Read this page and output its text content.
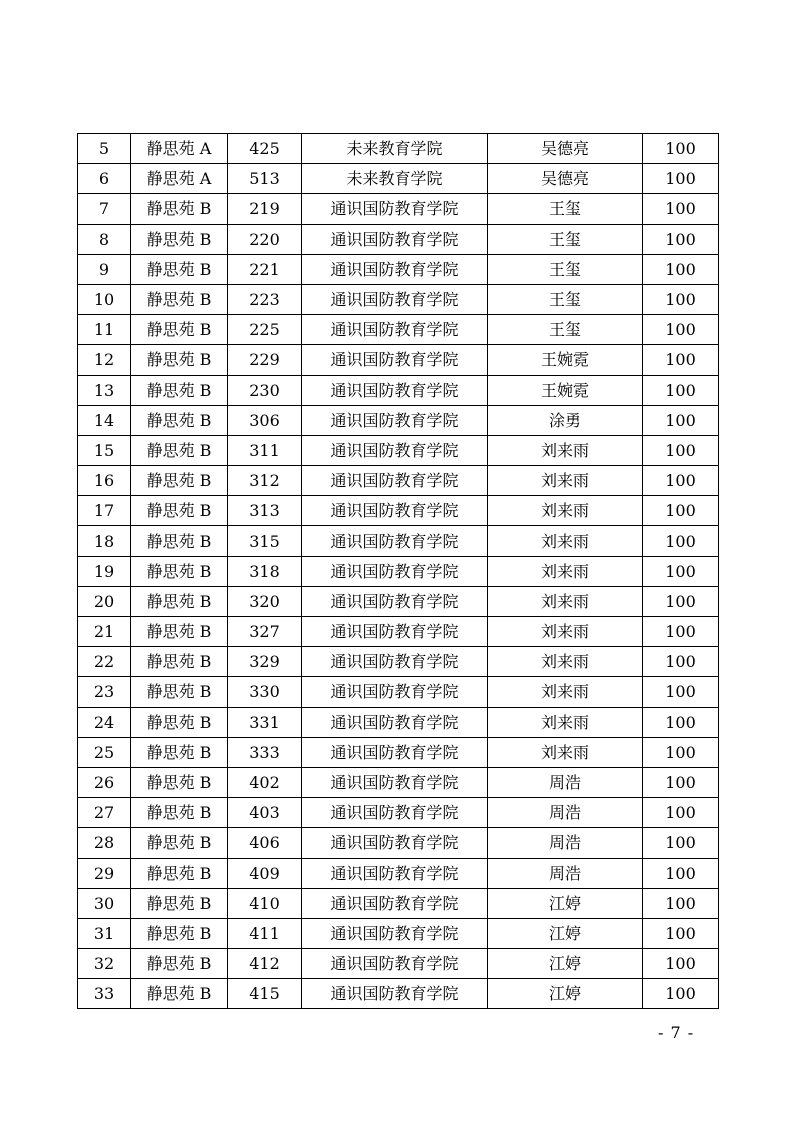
5	静思苑 A	425	未来教育学院	吴德亮	100
6	静思苑 A	513	未来教育学院	吴德亮	100
7	静思苑 B	219	通识国防教育学院	王玺	100
8	静思苑 B	220	通识国防教育学院	王玺	100
9	静思苑 B	221	通识国防教育学院	王玺	100
10	静思苑 B	223	通识国防教育学院	王玺	100
11	静思苑 B	225	通识国防教育学院	王玺	100
12	静思苑 B	229	通识国防教育学院	王婉霓	100
13	静思苑 B	230	通识国防教育学院	王婉霓	100
14	静思苑 B	306	通识国防教育学院	涂勇	100
15	静思苑 B	311	通识国防教育学院	刘来雨	100
16	静思苑 B	312	通识国防教育学院	刘来雨	100
17	静思苑 B	313	通识国防教育学院	刘来雨	100
18	静思苑 B	315	通识国防教育学院	刘来雨	100
19	静思苑 B	318	通识国防教育学院	刘来雨	100
20	静思苑 B	320	通识国防教育学院	刘来雨	100
21	静思苑 B	327	通识国防教育学院	刘来雨	100
22	静思苑 B	329	通识国防教育学院	刘来雨	100
23	静思苑 B	330	通识国防教育学院	刘来雨	100
24	静思苑 B	331	通识国防教育学院	刘来雨	100
25	静思苑 B	333	通识国防教育学院	刘来雨	100
26	静思苑 B	402	通识国防教育学院	周浩	100
27	静思苑 B	403	通识国防教育学院	周浩	100
28	静思苑 B	406	通识国防教育学院	周浩	100
29	静思苑 B	409	通识国防教育学院	周浩	100
30	静思苑 B	410	通识国防教育学院	江婷	100
31	静思苑 B	411	通识国防教育学院	江婷	100
32	静思苑 B	412	通识国防教育学院	江婷	100
33	静思苑 B	415	通识国防教育学院	江婷	100
- 7 -
